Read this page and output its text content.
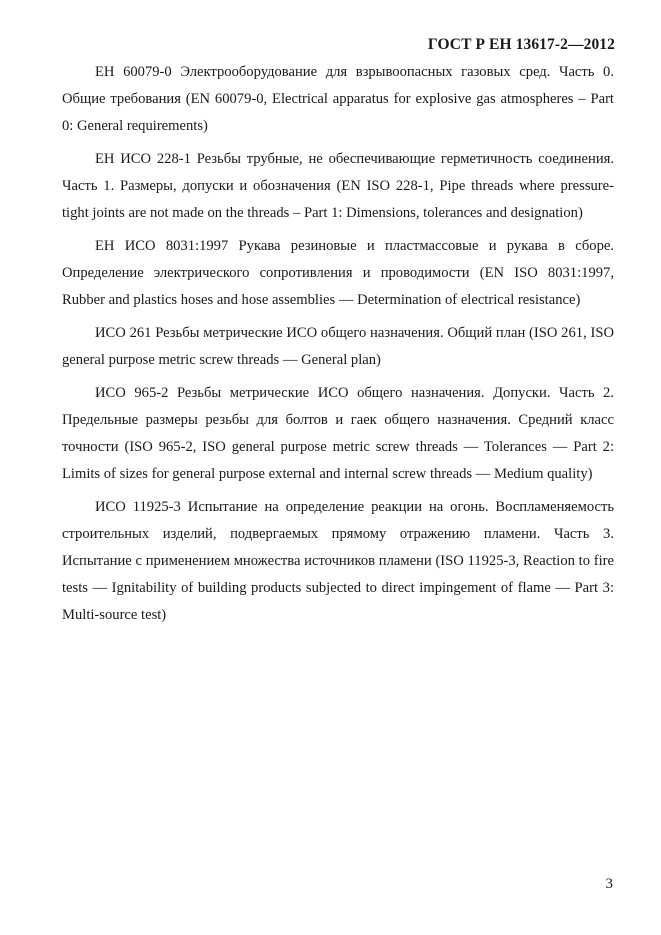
ГОСТ Р ЕН 13617-2—2012

ЕН 60079-0 Электрооборудование для взрывоопасных газовых сред. Часть 0. Общие требования (EN 60079-0, Electrical apparatus for explosive gas atmospheres – Part 0: General requirements)

ЕН ИСО 228-1 Резьбы трубные, не обеспечивающие герметичность соединения. Часть 1. Размеры, допуски и обозначения (EN ISO 228-1, Pipe threads where pressure-tight joints are not made on the threads – Part 1: Dimensions, tolerances and designation)

ЕН ИСО 8031:1997 Рукава резиновые и пластмассовые и рукава в сборе. Определение электрического сопротивления и проводимости (EN ISO 8031:1997, Rubber and plastics hoses and hose assemblies — Determination of electrical resistance)

ИСО 261 Резьбы метрические ИСО общего назначения. Общий план (ISO 261, ISO general purpose metric screw threads — General plan)

ИСО 965-2 Резьбы метрические ИСО общего назначения. Допуски. Часть 2. Предельные размеры резьбы для болтов и гаек общего назначения. Средний класс точности (ISO 965-2, ISO general purpose metric screw threads — Tolerances — Part 2: Limits of sizes for general purpose external and internal screw threads — Medium quality)

ИСО 11925-3 Испытание на определение реакции на огонь. Воспламеняемость строительных изделий, подвергаемых прямому отражению пламени. Часть 3. Испытание с применением множества источников пламени (ISO 11925-3, Reaction to fire tests — Ignitability of building products subjected to direct impingement of flame — Part 3: Multi-source test)

3
